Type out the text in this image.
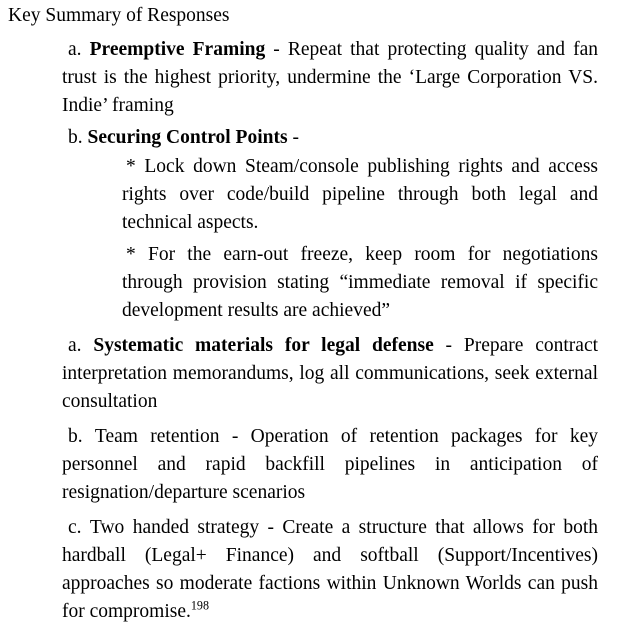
Key Summary of Responses

a. Preemptive Framing - Repeat that protecting quality and fan trust is the highest priority, undermine the ‘Large Corporation VS. Indie’ framing

b. Securing Control Points -

* Lock down Steam/console publishing rights and access rights over code/build pipeline through both legal and technical aspects.

* For the earn-out freeze, keep room for negotiations through provision stating “immediate removal if specific development results are achieved”

a. Systematic materials for legal defense - Prepare contract interpretation memorandums, log all communications, seek external consultation

b. Team retention - Operation of retention packages for key personnel and rapid backfill pipelines in anticipation of resignation/departure scenarios

c. Two handed strategy - Create a structure that allows for both hardball (Legal+ Finance) and softball (Support/Incentives) approaches so moderate factions within Unknown Worlds can push for compromise.$^{198}$
